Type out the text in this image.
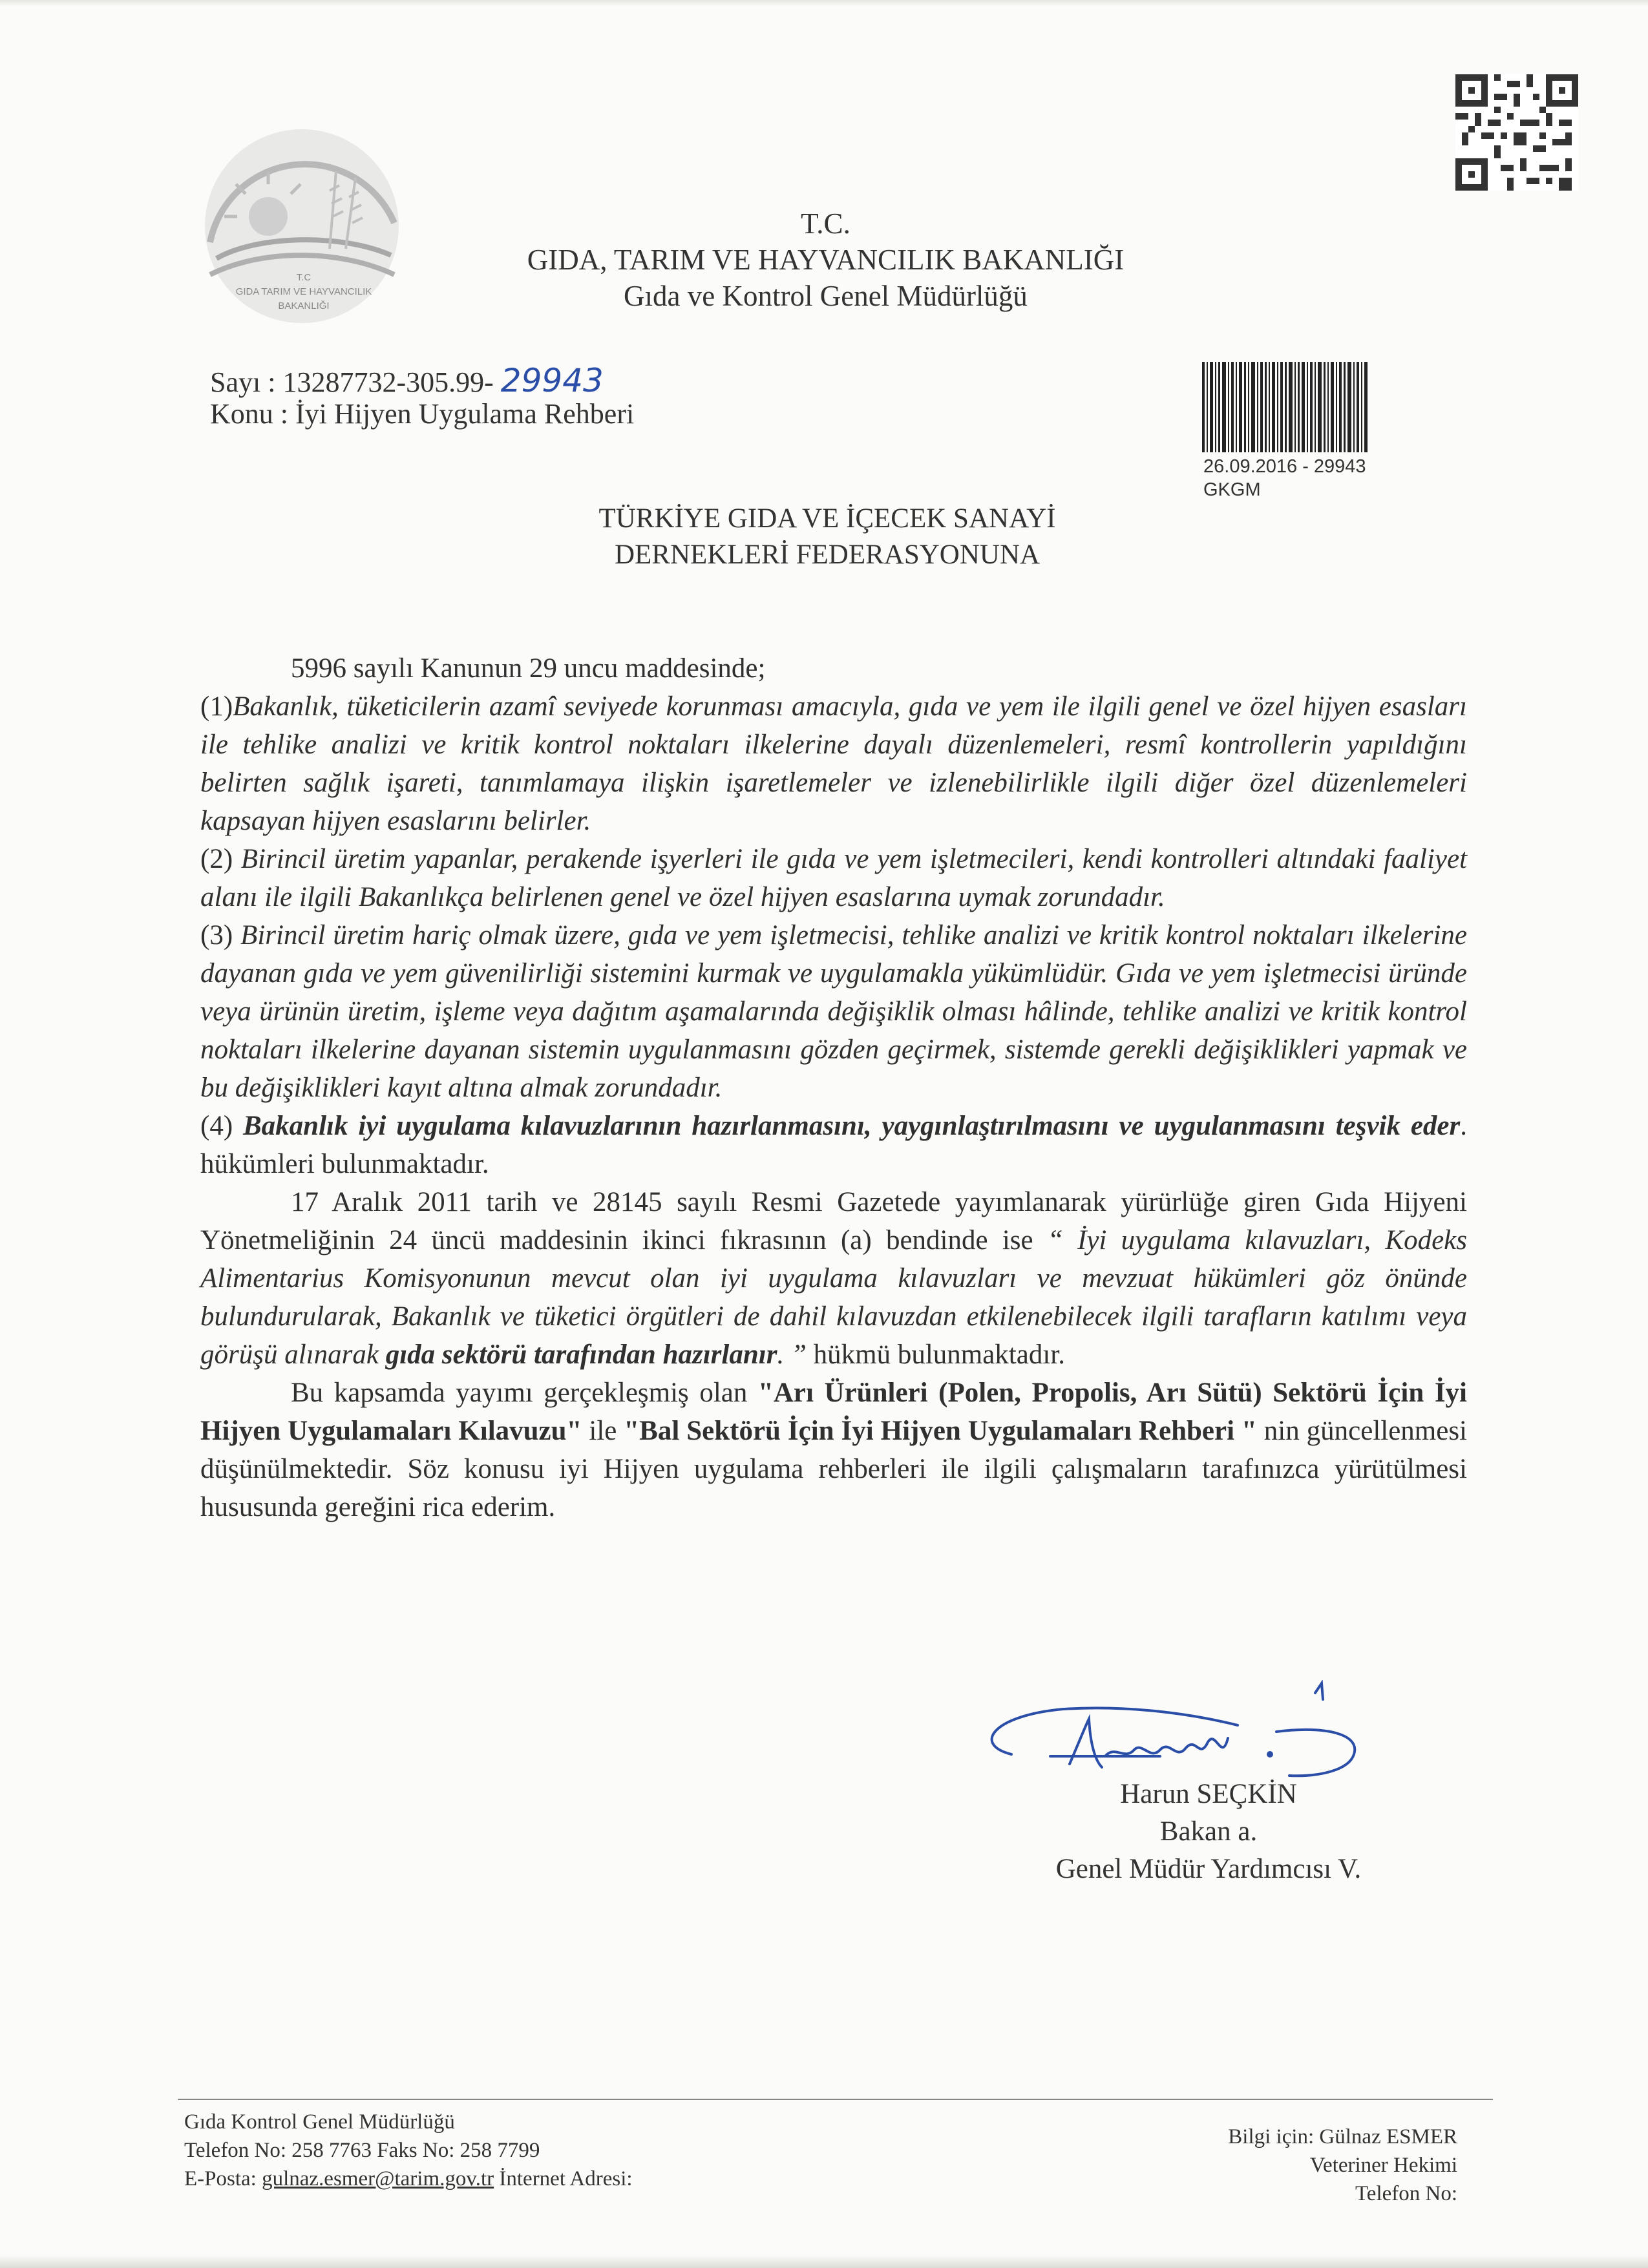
T.C
GIDA TARIM VE HAYVANCILIK
BAKANLIĞI
T.C.
GIDA, TARIM VE HAYVANCILIK BAKANLIĞI
Gıda ve Kontrol Genel Müdürlüğü
Sayı : 13287732-305.99- 29943
Konu : İyi Hijyen Uygulama Rehberi
26.09.2016 - 29943
GKGM
TÜRKİYE GIDA VE İÇECEK SANAYİ
DERNEKLERİ FEDERASYONUNA

5996 sayılı Kanunun 29 uncu maddesinde;

(1)Bakanlık, tüketicilerin azamî seviyede korunması amacıyla, gıda ve yem ile ilgili genel ve özel hijyen esasları ile tehlike analizi ve kritik kontrol noktaları ilkelerine dayalı düzenlemeleri, resmî kontrollerin yapıldığını belirten sağlık işareti, tanımlamaya ilişkin işaretlemeler ve izlenebilirlikle ilgili diğer özel düzenlemeleri kapsayan hijyen esaslarını belirler.

(2) Birincil üretim yapanlar, perakende işyerleri ile gıda ve yem işletmecileri, kendi kontrolleri altındaki faaliyet alanı ile ilgili Bakanlıkça belirlenen genel ve özel hijyen esaslarına uymak zorundadır.

(3) Birincil üretim hariç olmak üzere, gıda ve yem işletmecisi, tehlike analizi ve kritik kontrol noktaları ilkelerine dayanan gıda ve yem güvenilirliği sistemini kurmak ve uygulamakla yükümlüdür. Gıda ve yem işletmecisi üründe veya ürünün üretim, işleme veya dağıtım aşamalarında değişiklik olması hâlinde, tehlike analizi ve kritik kontrol noktaları ilkelerine dayanan sistemin uygulanmasını gözden geçirmek, sistemde gerekli değişiklikleri yapmak ve bu değişiklikleri kayıt altına almak zorundadır.

(4) Bakanlık iyi uygulama kılavuzlarının hazırlanmasını, yaygınlaştırılmasını ve uygulanmasını teşvik eder. hükümleri bulunmaktadır.

17 Aralık 2011 tarih ve 28145 sayılı Resmi Gazetede yayımlanarak yürürlüğe giren Gıda Hijyeni Yönetmeliğinin 24 üncü maddesinin ikinci fıkrasının (a) bendinde ise “ İyi uygulama kılavuzları, Kodeks Alimentarius Komisyonunun mevcut olan iyi uygulama kılavuzları ve mevzuat hükümleri göz önünde bulundurularak, Bakanlık ve tüketici örgütleri de dahil kılavuzdan etkilenebilecek ilgili tarafların katılımı veya görüşü alınarak gıda sektörü tarafından hazırlanır. ” hükmü bulunmaktadır.

Bu kapsamda yayımı gerçekleşmiş olan "Arı Ürünleri (Polen, Propolis, Arı Sütü) Sektörü İçin İyi Hijyen Uygulamaları Kılavuzu" ile "Bal Sektörü İçin İyi Hijyen Uygulamaları Rehberi " nin güncellenmesi düşünülmektedir. Söz konusu iyi Hijyen uygulama rehberleri ile ilgili çalışmaların tarafınızca yürütülmesi hususunda gereğini rica ederim.

Harun SEÇKİN
Bakan a.
Genel Müdür Yardımcısı V.
Gıda Kontrol Genel Müdürlüğü
Telefon No: 258 7763 Faks No: 258 7799
E-Posta: gulnaz.esmer@tarim.gov.tr İnternet Adresi:
Bilgi için: Gülnaz ESMER
Veteriner Hekimi
Telefon No:
